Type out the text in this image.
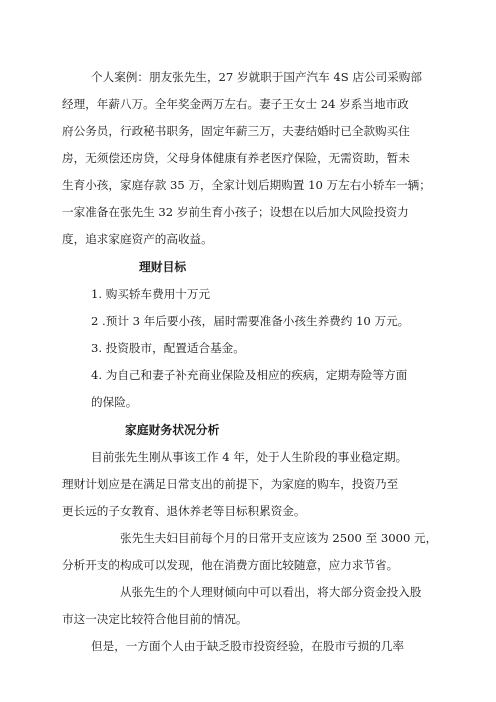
个人案例：朋友张先生，27 岁就职于国产汽车 4S 店公司采购部
经理，年薪八万。全年奖金两万左右。妻子王女士 24 岁系当地市政
府公务员，行政秘书职务，固定年薪三万，夫妻结婚时已全款购买住
房，无须偿还房贷，父母身体健康有养老医疗保险，无需资助，暂未
生育小孩，家庭存款 35 万，全家计划后期购置 10 万左右小轿车一辆；
一家准备在张先生 32 岁前生育小孩子；设想在以后加大风险投资力
度，追求家庭资产的高收益。
理财目标
1. 购买轿车费用十万元
2 .预计 3 年后要小孩，届时需要准备小孩生养费约 10 万元。
3. 投资股市，配置适合基金。
4. 为自己和妻子补充商业保险及相应的疾病，定期寿险等方面
的保险。
家庭财务状况分析
目前张先生刚从事该工作 4 年，处于人生阶段的事业稳定期。
理财计划应是在满足日常支出的前提下，为家庭的购车，投资乃至
更长远的子女教育、退休养老等目标积累资金。
张先生夫妇目前每个月的日常开支应该为 2500 至 3000 元，
分析开支的构成可以发现，他在消费方面比较随意，应力求节省。
从张先生的个人理财倾向中可以看出，将大部分资金投入股
市这一决定比较符合他目前的情况。
但是，一方面个人由于缺乏股市投资经验，在股市亏损的几率
